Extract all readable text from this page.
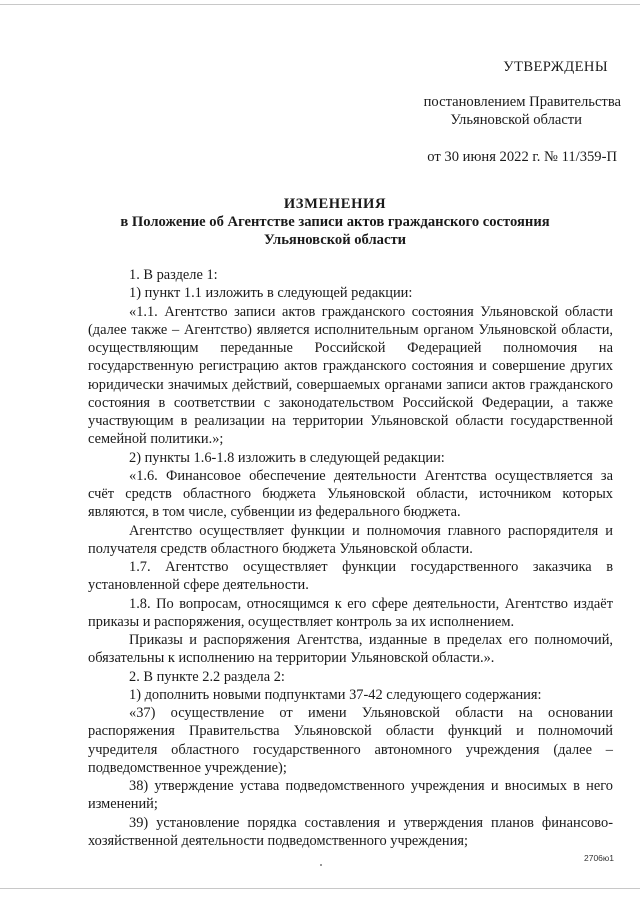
УТВЕРЖДЕНЫ
постановлением Правительства
Ульяновской области
от 30 июня 2022 г. № 11/359-П
ИЗМЕНЕНИЯ
в Положение об Агентстве записи актов гражданского состояния
Ульяновской области

1. В разделе 1:

1) пункт 1.1 изложить в следующей редакции:

«1.1. Агентство записи актов гражданского состояния Ульяновской области (далее также – Агентство) является исполнительным органом Ульяновской области, осуществляющим переданные Российской Федерацией полномочия на государственную регистрацию актов гражданского состояния и совершение других юридически значимых действий, совершаемых органами записи актов гражданского состояния в соответствии с законодательством Российской Федерации, а также участвующим в реализации на территории Ульяновской области государственной семейной политики.»;

2) пункты 1.6-1.8 изложить в следующей редакции:

«1.6. Финансовое обеспечение деятельности Агентства осуществляется за счёт средств областного бюджета Ульяновской области, источником которых являются, в том числе, субвенции из федерального бюджета.

Агентство осуществляет функции и полномочия главного распорядителя и получателя средств областного бюджета Ульяновской области.

1.7. Агентство осуществляет функции государственного заказчика в установленной сфере деятельности.

1.8. По вопросам, относящимся к его сфере деятельности, Агентство издаёт приказы и распоряжения, осуществляет контроль за их исполнением.

Приказы и распоряжения Агентства, изданные в пределах его полномочий, обязательны к исполнению на территории Ульяновской области.».

2. В пункте 2.2 раздела 2:

1) дополнить новыми подпунктами 37-42 следующего содержания:

«37) осуществление от имени Ульяновской области на основании распоряжения Правительства Ульяновской области функций и полномочий учредителя областного государственного автономного учреждения (далее – подведомственное учреждение);

38) утверждение устава подведомственного учреждения и вносимых в него изменений;

39) установление порядка составления и утверждения планов финансово-хозяйственной деятельности подведомственного учреждения;

2706ю1
